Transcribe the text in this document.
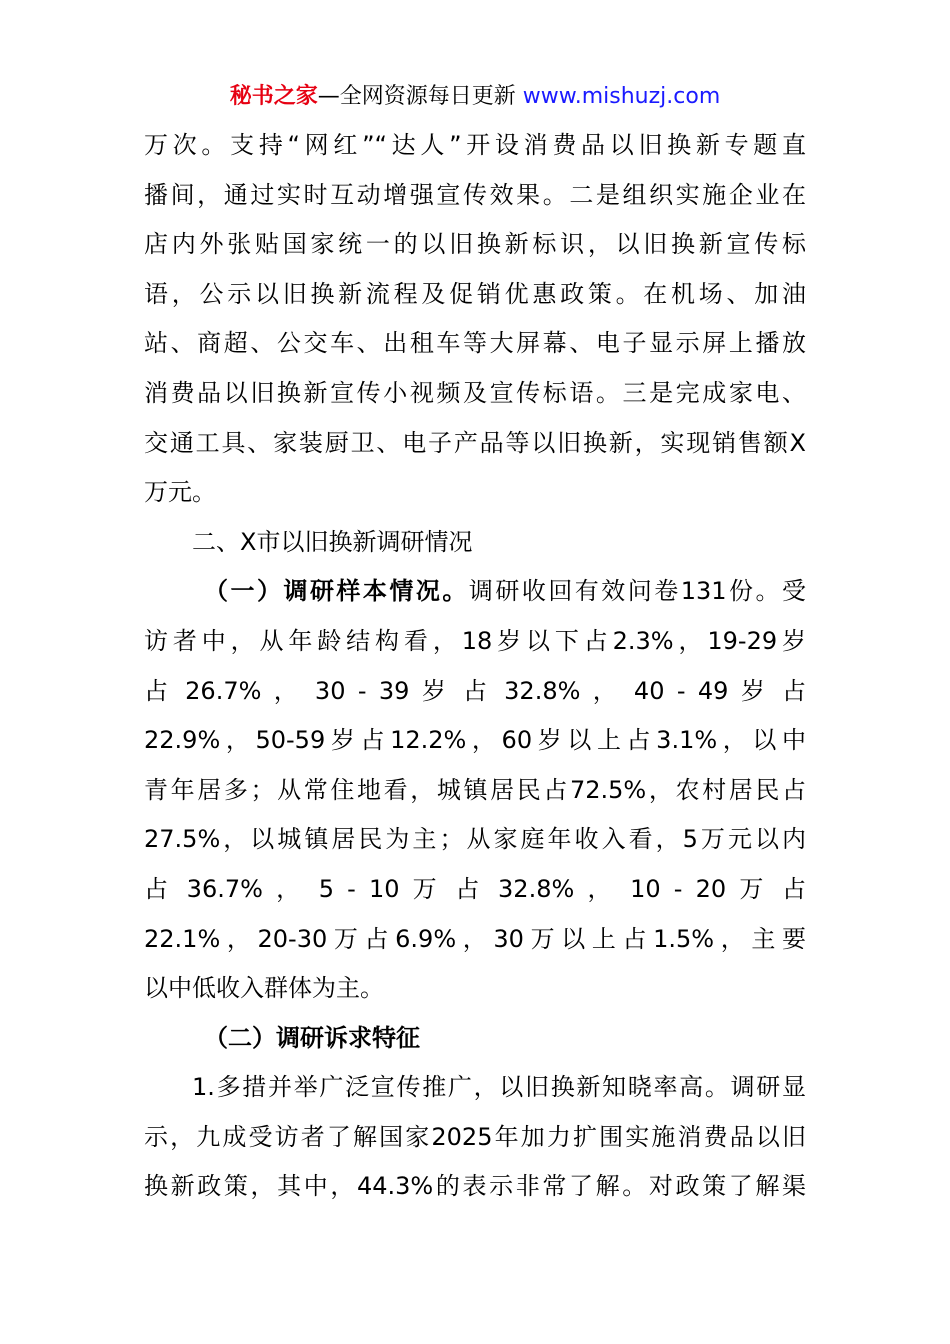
秘书之家—全网资源每日更新 www.mishuzj.com
万次。支持“网红”“达人”开设消费品以旧换新专题直
播间，通过实时互动增强宣传效果。二是组织实施企业在
店内外张贴国家统一的以旧换新标识，以旧换新宣传标
语，公示以旧换新流程及促销优惠政策。在机场、加油
站、商超、公交车、出租车等大屏幕、电子显示屏上播放
消费品以旧换新宣传小视频及宣传标语。三是完成家电、
交通工具、家装厨卫、电子产品等以旧换新，实现销售额X
万元。
二、X市以旧换新调研情况
（一）调研样本情况。调研收回有效问卷131份。受
访者中，从年龄结构看，18岁以下占2.3%，19-29岁
占 26.7% ， 30 - 39 岁 占 32.8% ， 40 - 49 岁 占
22.9%，50-59岁占12.2%，60岁以上占3.1%，以中
青年居多；从常住地看，城镇居民占72.5%，农村居民占
27.5%，以城镇居民为主；从家庭年收入看，5万元以内
占 36.7% ， 5 - 10 万 占 32.8% ， 10 - 20 万 占
22.1%，20-30万占6.9%，30万以上占1.5%，主要
以中低收入群体为主。
（二）调研诉求特征
1.多措并举广泛宣传推广，以旧换新知晓率高。调研显
示，九成受访者了解国家2025年加力扩围实施消费品以旧
换新政策，其中，44.3%的表示非常了解。对政策了解渠
